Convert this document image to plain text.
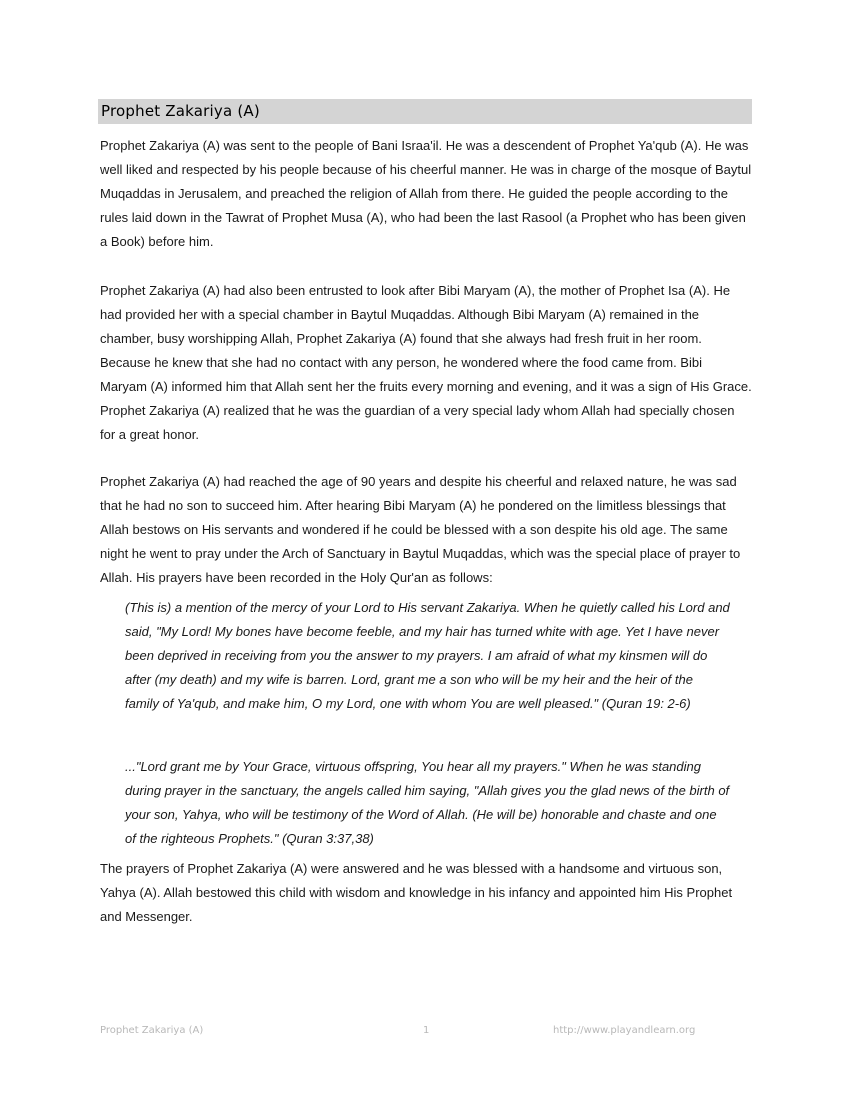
Prophet Zakariya (A)

Prophet Zakariya (A) was sent to the people of Bani Israa'il. He was a descendent of Prophet Ya'qub (A). He was well liked and respected by his people because of his cheerful manner. He was in charge of the mosque of Baytul Muqaddas in Jerusalem, and preached the religion of Allah from there. He guided the people according to the rules laid down in the Tawrat of Prophet Musa (A), who had been the last Rasool (a Prophet who has been given a Book) before him.

Prophet Zakariya (A) had also been entrusted to look after Bibi Maryam (A), the mother of Prophet Isa (A). He had provided her with a special chamber in Baytul Muqaddas. Although Bibi Maryam (A) remained in the chamber, busy worshipping Allah, Prophet Zakariya (A) found that she always had fresh fruit in her room. Because he knew that she had no contact with any person, he wondered where the food came from. Bibi Maryam (A) informed him that Allah sent her the fruits every morning and evening, and it was a sign of His Grace. Prophet Zakariya (A) realized that he was the guardian of a very special lady whom Allah had specially chosen for a great honor.

Prophet Zakariya (A) had reached the age of 90 years and despite his cheerful and relaxed nature, he was sad that he had no son to succeed him. After hearing Bibi Maryam (A) he pondered on the limitless blessings that Allah bestows on His servants and wondered if he could be blessed with a son despite his old age. The same night he went to pray under the Arch of Sanctuary in Baytul Muqaddas, which was the special place of prayer to Allah. His prayers have been recorded in the Holy Qur'an as follows:

(This is) a mention of the mercy of your Lord to His servant Zakariya. When he quietly called his Lord and said, "My Lord! My bones have become feeble, and my hair has turned white with age. Yet I have never been deprived in receiving from you the answer to my prayers. I am afraid of what my kinsmen will do after (my death) and my wife is barren. Lord, grant me a son who will be my heir and the heir of the family of Ya'qub, and make him, O my Lord, one with whom You are well pleased." (Quran 19: 2-6)

..."Lord grant me by Your Grace, virtuous offspring, You hear all my prayers." When he was standing during prayer in the sanctuary, the angels called him saying, "Allah gives you the glad news of the birth of your son, Yahya, who will be testimony of the Word of Allah. (He will be) honorable and chaste and one of the righteous Prophets." (Quran 3:37,38)

The prayers of Prophet Zakariya (A) were answered and he was blessed with a handsome and virtuous son, Yahya (A). Allah bestowed this child with wisdom and knowledge in his infancy and appointed him His Prophet and Messenger.

Prophet Zakariya (A)	1	http://www.playandlearn.org
